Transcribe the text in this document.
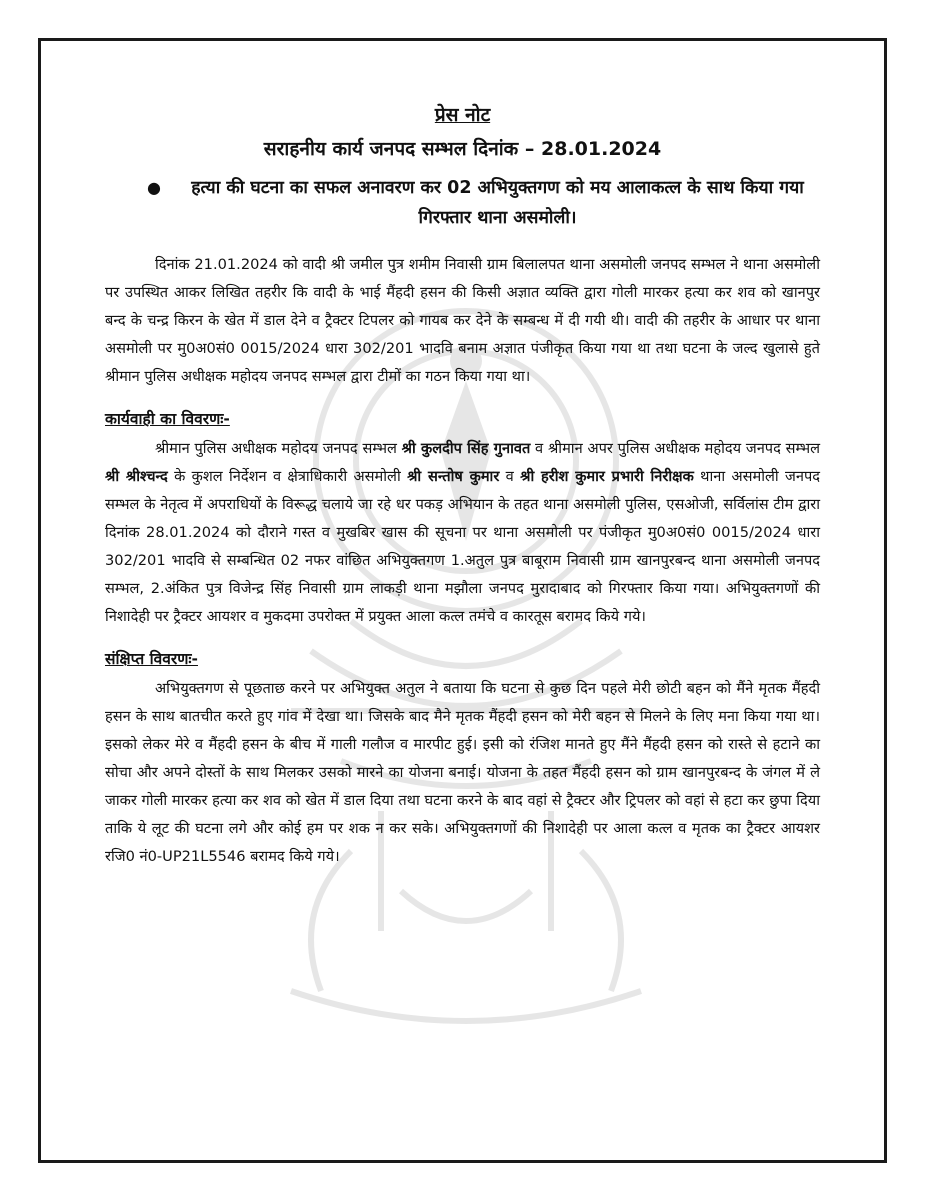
प्रेस नोट
सराहनीय कार्य जनपद सम्भल दिनांक – 28.01.2024
●	हत्या की घटना का सफल अनावरण कर 02 अभियुक्तगण को मय आलाकत्ल के साथ किया गया गिरफ्तार थाना असमोली।

दिनांक 21.01.2024 को वादी श्री जमील पुत्र शमीम निवासी ग्राम बिलालपत थाना असमोली जनपद सम्भल ने थाना असमोली पर उपस्थित आकर लिखित तहरीर कि वादी के भाई मैंहदी हसन की किसी अज्ञात व्यक्ति द्वारा गोली मारकर हत्या कर शव को खानपुर बन्द के चन्द्र किरन के खेत में डाल देने व ट्रैक्टर टिपलर को गायब कर देने के सम्बन्ध में दी गयी थी। वादी की तहरीर के आधार पर थाना असमोली पर मु0अ0सं0 0015/2024 धारा 302/201 भादवि बनाम अज्ञात पंजीकृत किया गया था तथा घटना के जल्द खुलासे हुते श्रीमान पुलिस अधीक्षक महोदय जनपद सम्भल द्वारा टीमों का गठन किया गया था।

कार्यवाही का विवरणः-

श्रीमान पुलिस अधीक्षक महोदय जनपद सम्भल श्री कुलदीप सिंह गुनावत व श्रीमान अपर पुलिस अधीक्षक महोदय जनपद सम्भल श्री श्रीश्चन्द के कुशल निर्देशन व क्षेत्राधिकारी असमोली श्री सन्तोष कुमार व श्री हरीश कुमार प्रभारी निरीक्षक थाना असमोली जनपद सम्भल के नेतृत्व में अपराधियों के विरूद्ध चलाये जा रहे धर पकड़ अभियान के तहत थाना असमोली पुलिस, एसओजी, सर्विलांस टीम द्वारा दिनांक 28.01.2024 को दौराने गस्त व मुखबिर खास की सूचना पर थाना असमोली पर पंजीकृत मु0अ0सं0 0015/2024 धारा 302/201 भादवि से सम्बन्धित 02 नफर वांछित अभियुक्तगण 1.अतुल पुत्र बाबूराम निवासी ग्राम खानपुरबन्द थाना असमोली जनपद सम्भल, 2.अंकित पुत्र विजेन्द्र सिंह निवासी ग्राम लाकड़ी थाना मझौला जनपद मुरादाबाद को गिरफ्तार किया गया। अभियुक्तगणों की निशादेही पर ट्रैक्टर आयशर व मुकदमा उपरोक्त में प्रयुक्त आला कत्ल तमंचे व कारतूस बरामद किये गये।

संक्षिप्त विवरणः-

अभियुक्तगण से पूछताछ करने पर अभियुक्त अतुल ने बताया कि घटना से कुछ दिन पहले मेरी छोटी बहन को मैंने मृतक मैंहदी हसन के साथ बातचीत करते हुए गांव में देखा था। जिसके बाद मैने मृतक मैंहदी हसन को मेरी बहन से मिलने के लिए मना किया गया था। इसको लेकर मेरे व मैंहदी हसन के बीच में गाली गलौज व मारपीट हुई। इसी को रंजिश मानते हुए मैंने मैंहदी हसन को रास्ते से हटाने का सोचा और अपने दोस्तों के साथ मिलकर उसको मारने का योजना बनाई। योजना के तहत मैंहदी हसन को ग्राम खानपुरबन्द के जंगल में ले जाकर गोली मारकर हत्या कर शव को खेत में डाल दिया तथा घटना करने के बाद वहां से ट्रैक्टर और ट्रिपलर को वहां से हटा कर छुपा दिया ताकि ये लूट की घटना लगे और कोई हम पर शक न कर सके। अभियुक्तगणों की निशादेही पर आला कत्ल व मृतक का ट्रैक्टर आयशर रजि0 नं0-UP21L5546 बरामद किये गये।
